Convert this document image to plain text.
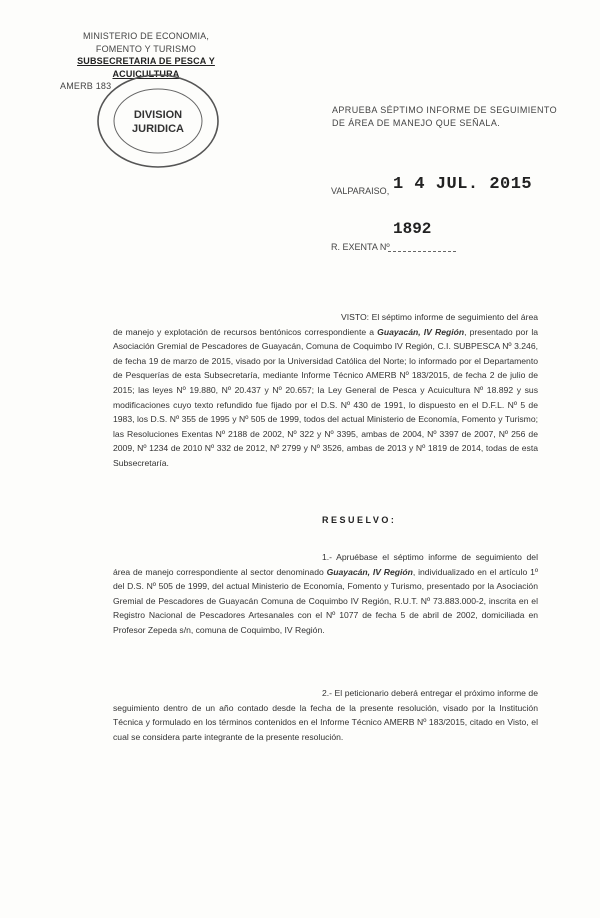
MINISTERIO DE ECONOMIA,
FOMENTO Y TURISMO
SUBSECRETARIA DE PESCA Y ACUICULTURA
AMERB 183
DIVISION
JURIDICA
APRUEBA SÉPTIMO INFORME DE SEGUIMIENTO
DE ÁREA DE MANEJO QUE SEÑALA.
VALPARAISO, 1 4 JUL. 2015
R. EXENTA Nº
1892
VISTO: El séptimo informe de seguimiento del área de manejo y explotación de recursos bentónicos correspondiente a Guayacán, IV Región, presentado por la Asociación Gremial de Pescadores de Guayacán, Comuna de Coquimbo IV Región, C.I. SUBPESCA Nº 3.246, de fecha 19 de marzo de 2015, visado por la Universidad Católica del Norte; lo informado por el Departamento de Pesquerías de esta Subsecretaría, mediante Informe Técnico AMERB Nº 183/2015, de fecha 2 de julio de 2015; las leyes Nº 19.880, Nº 20.437 y Nº 20.657; la Ley General de Pesca y Acuicultura Nº 18.892 y sus modificaciones cuyo texto refundido fue fijado por el D.S. Nº 430 de 1991, lo dispuesto en el D.F.L. Nº 5 de 1983, los D.S. Nº 355 de 1995 y Nº 505 de 1999, todos del actual Ministerio de Economía, Fomento y Turismo; las Resoluciones Exentas Nº 2188 de 2002, Nº 322 y Nº 3395, ambas de 2004, Nº 3397 de 2007, Nº 256 de 2009, Nº 1234 de 2010 Nº 332 de 2012, Nº 2799 y Nº 3526, ambas de 2013 y Nº 1819 de 2014, todas de esta Subsecretaría.
RESUELVO:
1.- Apruébase el séptimo informe de seguimiento del área de manejo correspondiente al sector denominado Guayacán, IV Región, individualizado en el artículo 1º del D.S. Nº 505 de 1999, del actual Ministerio de Economía, Fomento y Turismo, presentado por la Asociación Gremial de Pescadores de Guayacán Comuna de Coquimbo IV Región, R.U.T. Nº 73.883.000-2, inscrita en el Registro Nacional de Pescadores Artesanales con el Nº 1077 de fecha 5 de abril de 2002, domiciliada en Profesor Zepeda s/n, comuna de Coquimbo, IV Región.
2.- El peticionario deberá entregar el próximo informe de seguimiento dentro de un año contado desde la fecha de la presente resolución, visado por la Institución Técnica y formulado en los términos contenidos en el Informe Técnico AMERB Nº 183/2015, citado en Visto, el cual se considera parte integrante de la presente resolución.
